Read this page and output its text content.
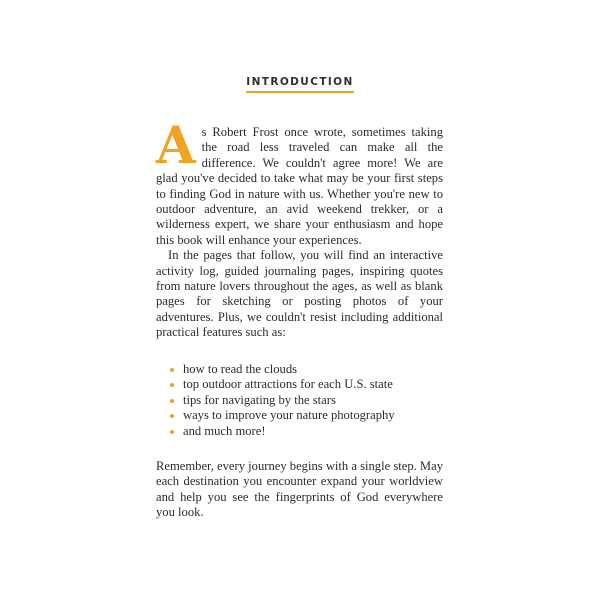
INTRODUCTION
A s Robert Frost once wrote, sometimes taking the road less traveled can make all the difference. We couldn't agree more! We are glad you've decided to take what may be your first steps to finding God in nature with us. Whether you're new to outdoor adventure, an avid weekend trekker, or a wilderness expert, we share your enthusiasm and hope this book will enhance your experiences.

In the pages that follow, you will find an interactive activity log, guided journaling pages, inspiring quotes from nature lovers throughout the ages, as well as blank pages for sketching or posting photos of your adventures. Plus, we couldn't resist including additional practical features such as:

how to read the clouds
top outdoor attractions for each U.S. state
tips for navigating by the stars
ways to improve your nature photography
and much more!

Remember, every journey begins with a single step. May each destination you encounter expand your worldview and help you see the fingerprints of God everywhere you look.
